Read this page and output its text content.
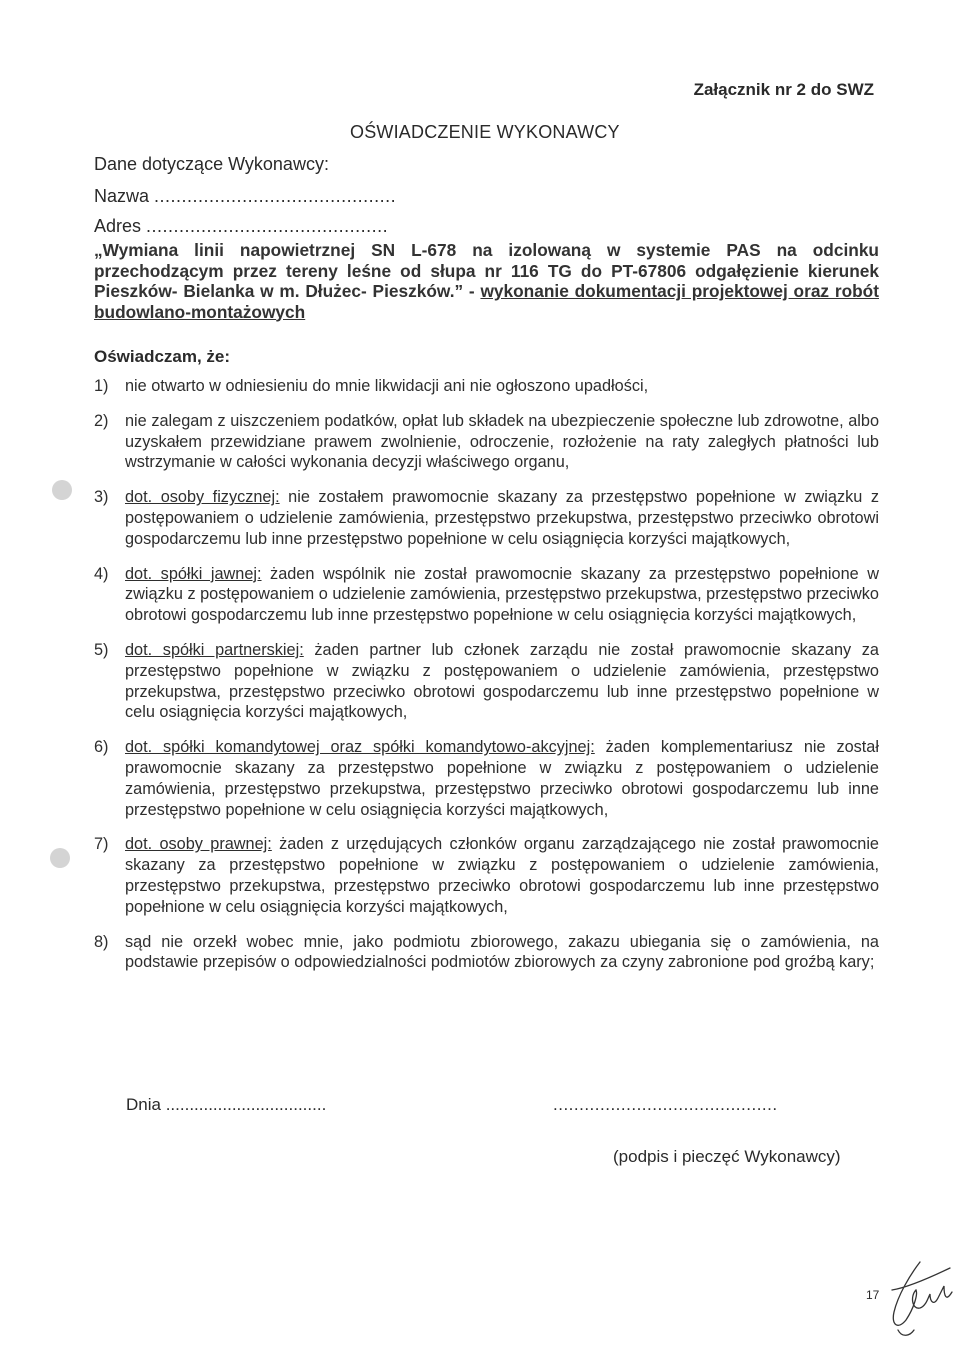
Załącznik nr 2 do SWZ
OŚWIADCZENIE WYKONAWCY
Dane dotyczące Wykonawcy:
Nazwa ............................................
Adres ............................................
„Wymiana linii napowietrznej SN L-678 na izolowaną w systemie PAS na odcinku przechodzącym przez tereny leśne od słupa nr 116 TG do PT-67806 odgałęzienie kierunek Pieszków- Bielanka w m. Dłużec- Pieszków.” - wykonanie dokumentacji projektowej oraz robót budowlano-montażowych
Oświadczam, że:
1) nie otwarto w odniesieniu do mnie likwidacji ani nie ogłoszono upadłości,
2) nie zalegam z uiszczeniem podatków, opłat lub składek na ubezpieczenie społeczne lub zdrowotne, albo uzyskałem przewidziane prawem zwolnienie, odroczenie, rozłożenie na raty zaległych płatności lub wstrzymanie w całości wykonania decyzji właściwego organu,
3) dot. osoby fizycznej: nie zostałem prawomocnie skazany za przestępstwo popełnione w związku z postępowaniem o udzielenie zamówienia, przestępstwo przekupstwa, przestępstwo przeciwko obrotowi gospodarczemu lub inne przestępstwo popełnione w celu osiągnięcia korzyści majątkowych,
4) dot. spółki jawnej: żaden wspólnik nie został prawomocnie skazany za przestępstwo popełnione w związku z postępowaniem o udzielenie zamówienia, przestępstwo przekupstwa, przestępstwo przeciwko obrotowi gospodarczemu lub inne przestępstwo popełnione w celu osiągnięcia korzyści majątkowych,
5) dot. spółki partnerskiej: żaden partner lub członek zarządu nie został prawomocnie skazany za przestępstwo popełnione w związku z postępowaniem o udzielenie zamówienia, przestępstwo przekupstwa, przestępstwo przeciwko obrotowi gospodarczemu lub inne przestępstwo popełnione w celu osiągnięcia korzyści majątkowych,
6) dot. spółki komandytowej oraz spółki komandytowo-akcyjnej: żaden komplementariusz nie został prawomocnie skazany za przestępstwo popełnione w związku z postępowaniem o udzielenie zamówienia, przestępstwo przekupstwa, przestępstwo przeciwko obrotowi gospodarczemu lub inne przestępstwo popełnione w celu osiągnięcia korzyści majątkowych,
7) dot. osoby prawnej: żaden z urzędujących członków organu zarządzającego nie został prawomocnie skazany za przestępstwo popełnione w związku z postępowaniem o udzielenie zamówienia, przestępstwo przekupstwa, przestępstwo przeciwko obrotowi gospodarczemu lub inne przestępstwo popełnione w celu osiągnięcia korzyści majątkowych,
8) sąd nie orzekł wobec mnie, jako podmiotu zbiorowego, zakazu ubiegania się o zamówienia, na podstawie przepisów o odpowiedzialności podmiotów zbiorowych za czyny zabronione pod groźbą kary;
Dnia ..................................	...........................................
(podpis i pieczęć Wykonawcy)
17
